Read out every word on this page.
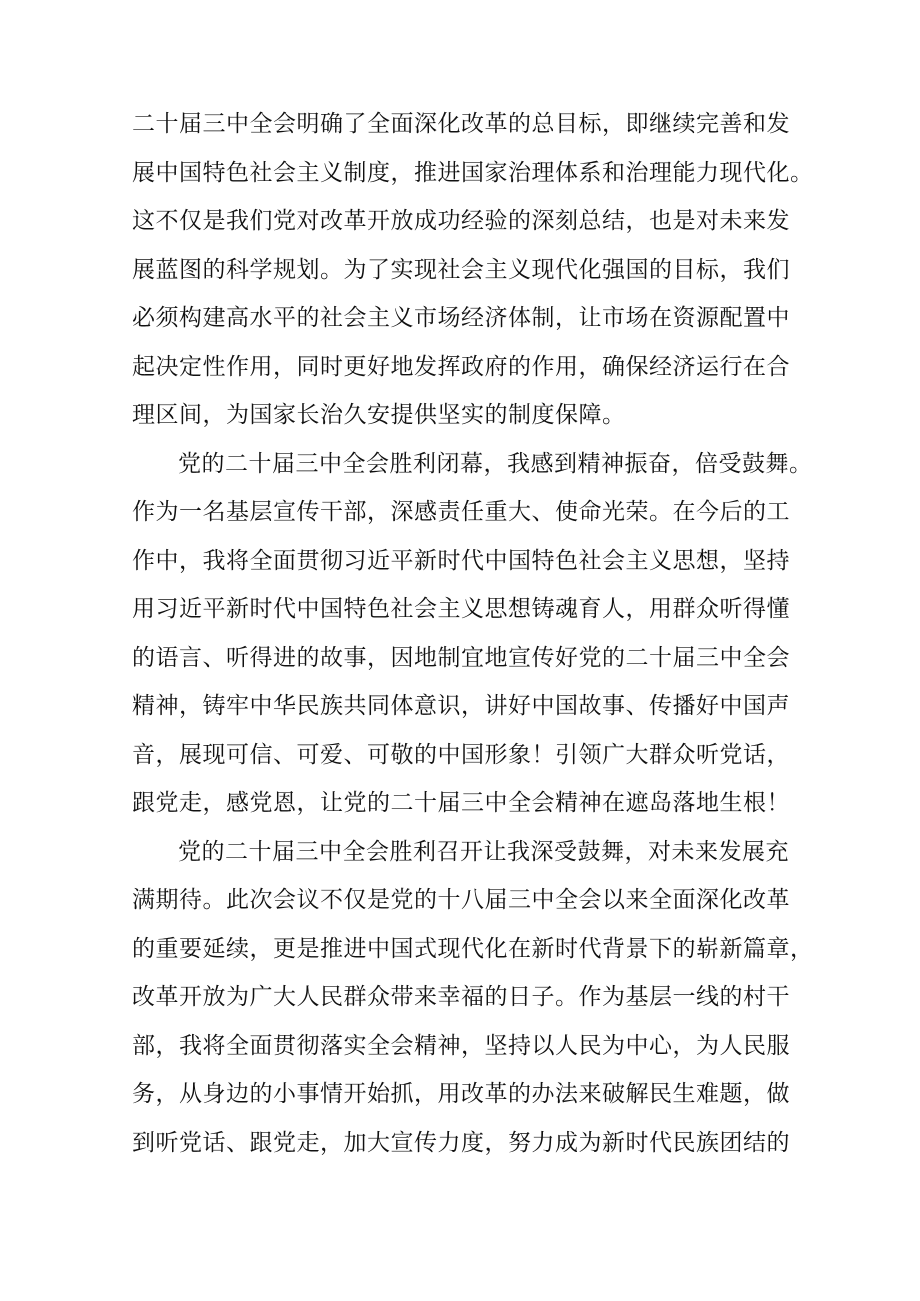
二十届三中全会明确了全面深化改革的总目标，即继续完善和发
展中国特色社会主义制度，推进国家治理体系和治理能力现代化。
这不仅是我们党对改革开放成功经验的深刻总结，也是对未来发
展蓝图的科学规划。为了实现社会主义现代化强国的目标，我们
必须构建高水平的社会主义市场经济体制，让市场在资源配置中
起决定性作用，同时更好地发挥政府的作用，确保经济运行在合
理区间，为国家长治久安提供坚实的制度保障。
党的二十届三中全会胜利闭幕，我感到精神振奋，倍受鼓舞。
作为一名基层宣传干部，深感责任重大、使命光荣。在今后的工
作中，我将全面贯彻习近平新时代中国特色社会主义思想，坚持
用习近平新时代中国特色社会主义思想铸魂育人，用群众听得懂
的语言、听得进的故事，因地制宜地宣传好党的二十届三中全会
精神，铸牢中华民族共同体意识，讲好中国故事、传播好中国声
音，展现可信、可爱、可敬的中国形象！引领广大群众听党话，
跟党走，感党恩，让党的二十届三中全会精神在遮岛落地生根！
党的二十届三中全会胜利召开让我深受鼓舞，对未来发展充
满期待。此次会议不仅是党的十八届三中全会以来全面深化改革
的重要延续，更是推进中国式现代化在新时代背景下的崭新篇章，
改革开放为广大人民群众带来幸福的日子。作为基层一线的村干
部，我将全面贯彻落实全会精神，坚持以人民为中心，为人民服
务，从身边的小事情开始抓，用改革的办法来破解民生难题，做
到听党话、跟党走，加大宣传力度，努力成为新时代民族团结的
